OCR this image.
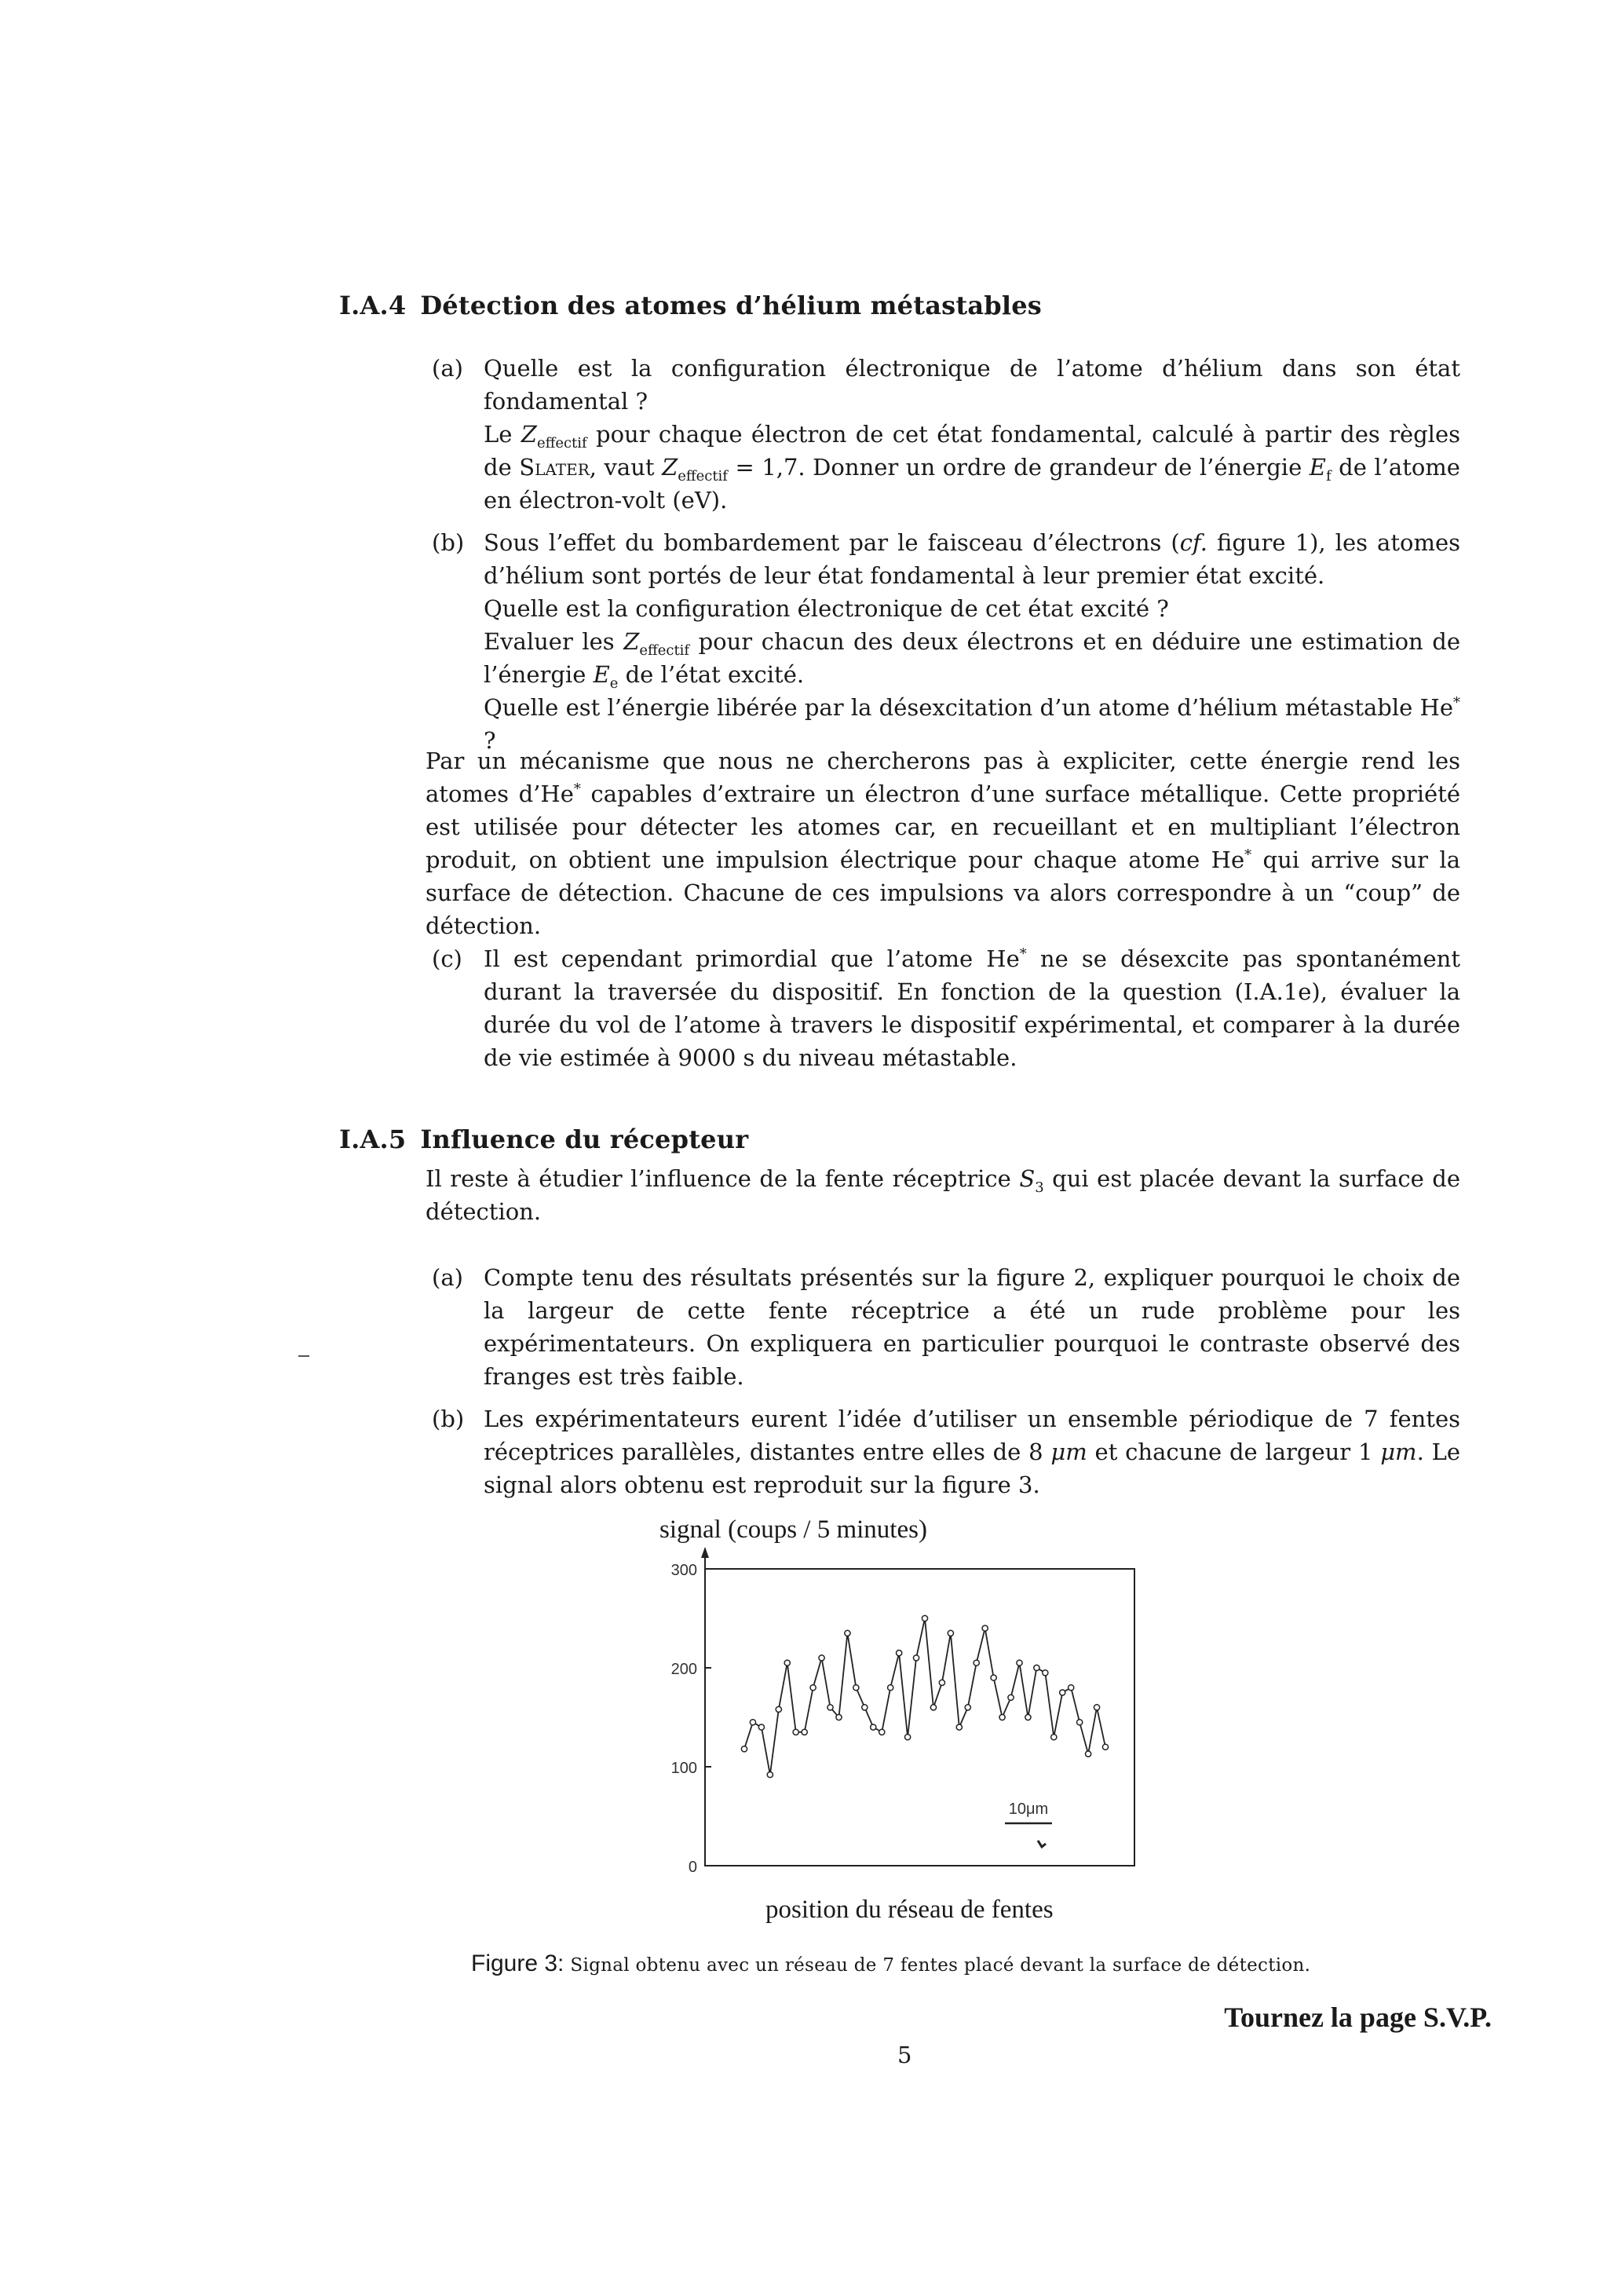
I.A.4 Détection des atomes d’hélium métastables
(a) Quelle est la configuration électronique de l’atome d’hélium dans son état fondamental ?

Le $Z_{effectif}$ pour chaque électron de cet état fondamental, calculé à partir des règles de Slater, vaut $Z_{effectif} = 1,7$. Donner un ordre de grandeur de l’énergie $E_f$ de l’atome en électron-volt (eV).

(b) Sous l’effet du bombardement par le faisceau d’électrons (cf. figure 1), les atomes d’hélium sont portés de leur état fondamental à leur premier état excité.

Quelle est la configuration électronique de cet état excité ?

Evaluer les $Z_{effectif}$ pour chacun des deux électrons et en déduire une estimation de l’énergie $E_e$ de l’état excité.

Quelle est l’énergie libérée par la désexcitation d’un atome d’hélium métastable He* ?

Par un mécanisme que nous ne chercherons pas à expliciter, cette énergie rend les atomes d’He* capables d’extraire un électron d’une surface métallique. Cette propriété est utilisée pour détecter les atomes car, en recueillant et en multipliant l’électron produit, on obtient une impulsion électrique pour chaque atome He* qui arrive sur la surface de détection. Chacune de ces impulsions va alors correspondre à un “coup” de détection.

(c) Il est cependant primordial que l’atome He* ne se désexcite pas spontanément durant la traversée du dispositif. En fonction de la question (I.A.1e), évaluer la durée du vol de l’atome à travers le dispositif expérimental, et comparer à la durée de vie estimée à 9000 s du niveau métastable.

I.A.5 Influence du récepteur

Il reste à étudier l’influence de la fente réceptrice $S_3$ qui est placée devant la surface de détection.

(a) Compte tenu des résultats présentés sur la figure 2, expliquer pourquoi le choix de la largeur de cette fente réceptrice a été un rude problème pour les expérimentateurs. On expliquera en particulier pourquoi le contraste observé des franges est très faible.

(b) Les expérimentateurs eurent l’idée d’utiliser un ensemble périodique de 7 fentes réceptrices parallèles, distantes entre elles de 8 μm et chacune de largeur 1 μm. Le signal alors obtenu est reproduit sur la figure 3.

signal (coups / 5 minutes)
0
100
200
300
10μm
position du réseau de fentes
Figure 3: Signal obtenu avec un réseau de 7 fentes placé devant la surface de détection.

Tournez la page S.V.P.

5
